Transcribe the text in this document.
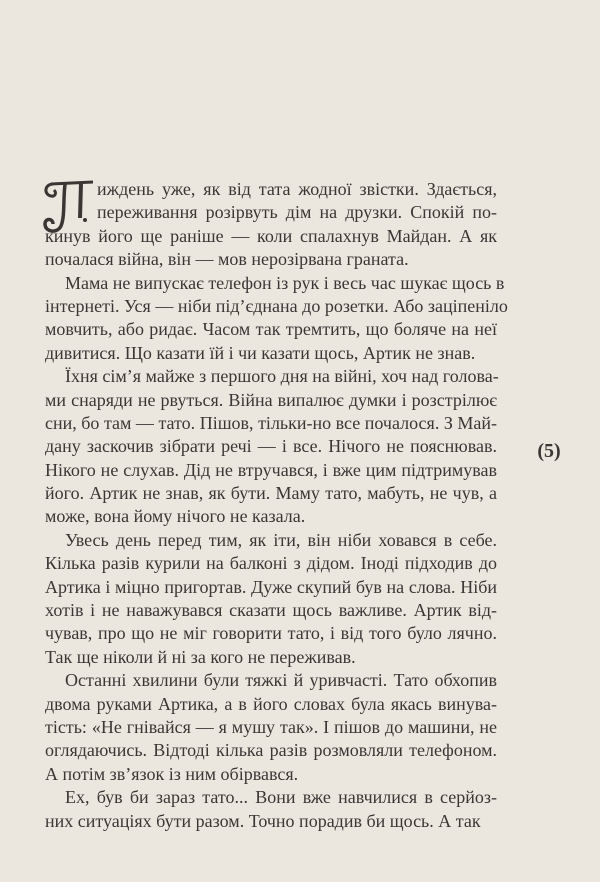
иждень уже, як від тата жодної звістки. Здається,
переживання розірвуть дім на друзки. Спокій по-
кинув його ще раніше — коли спалахнув Майдан. А як
почалася війна, він — мов нерозірвана граната.
Мама не випускає телефон із рук і весь час шукає щось в
інтернеті. Уся — ніби під’єднана до розетки. Або заціпеніло
мовчить, або ридає. Часом так тремтить, що боляче на неї
дивитися. Що казати їй і чи казати щось, Артик не знав.
Їхня сім’я майже з першого дня на війні, хоч над голова-
ми снаряди не рвуться. Війна випалює думки і розстрілює
сни, бо там — тато. Пішов, тільки-но все почалося. З Май-
дану заскочив зібрати речі — і все. Нічого не пояснював.
Нікого не слухав. Дід не втручався, і вже цим підтримував
його. Артик не знав, як бути. Маму тато, мабуть, не чув, а
може, вона йому нічого не казала.
Увесь день перед тим, як іти, він ніби ховався в себе.
Кілька разів курили на балконі з дідом. Іноді підходив до
Артика і міцно пригортав. Дуже скупий був на слова. Ніби
хотів і не наважувався сказати щось важливе. Артик від-
чував, про що не міг говорити тато, і від того було лячно.
Так ще ніколи й ні за кого не переживав.
Останні хвилини були тяжкі й уривчасті. Тато обхопив
двома руками Артика, а в його словах була якась винува-
тість: «Не гнівайся — я мушу так». І пішов до машини, не
оглядаючись. Відтоді кілька разів розмовляли телефоном.
А потім зв’язок із ним обірвався.
Ех, був би зараз тато... Вони вже навчилися в серйоз-
них ситуаціях бути разом. Точно порадив би щось. А так
(5)
